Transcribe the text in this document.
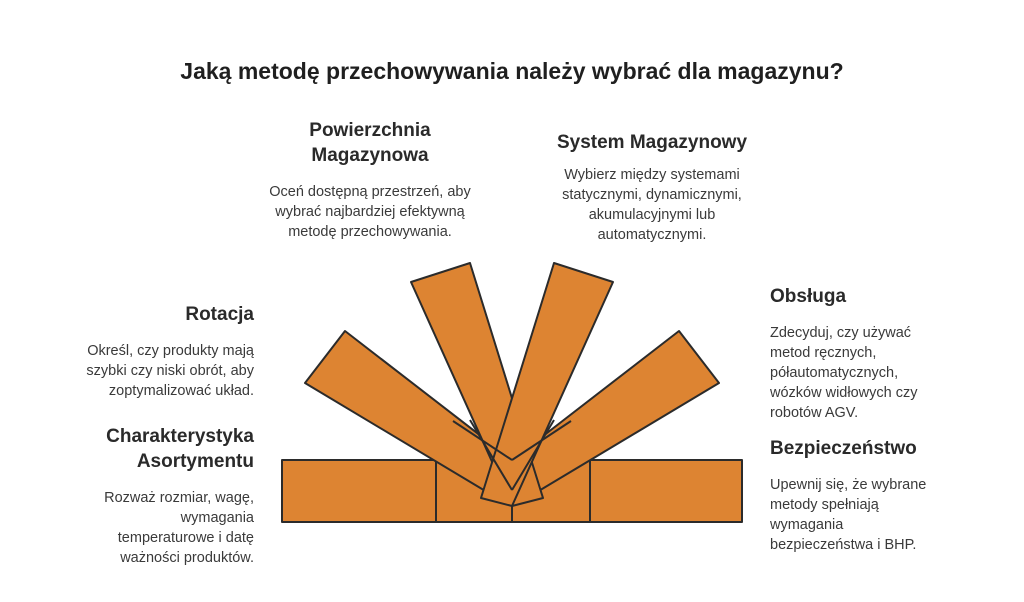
Jaką metodę przechowywania należy wybrać dla magazynu?
Powierzchnia
Magazynowa

Oceń dostępną przestrzeń, aby
wybrać najbardziej efektywną
metodę przechowywania.

System Magazynowy

Wybierz między systemami
statycznymi, dynamicznymi,
akumulacyjnymi lub
automatycznymi.

Rotacja

Określ, czy produkty mają
szybki czy niski obrót, aby
zoptymalizować układ.

Obsługa

Zdecyduj, czy używać
metod ręcznych,
półautomatycznych,
wózków widłowych czy
robotów AGV.

Charakterystyka
Asortymentu

Rozważ rozmiar, wagę,
wymagania
temperaturowe i datę
ważności produktów.

Bezpieczeństwo

Upewnij się, że wybrane
metody spełniają
wymagania
bezpieczeństwa i BHP.
